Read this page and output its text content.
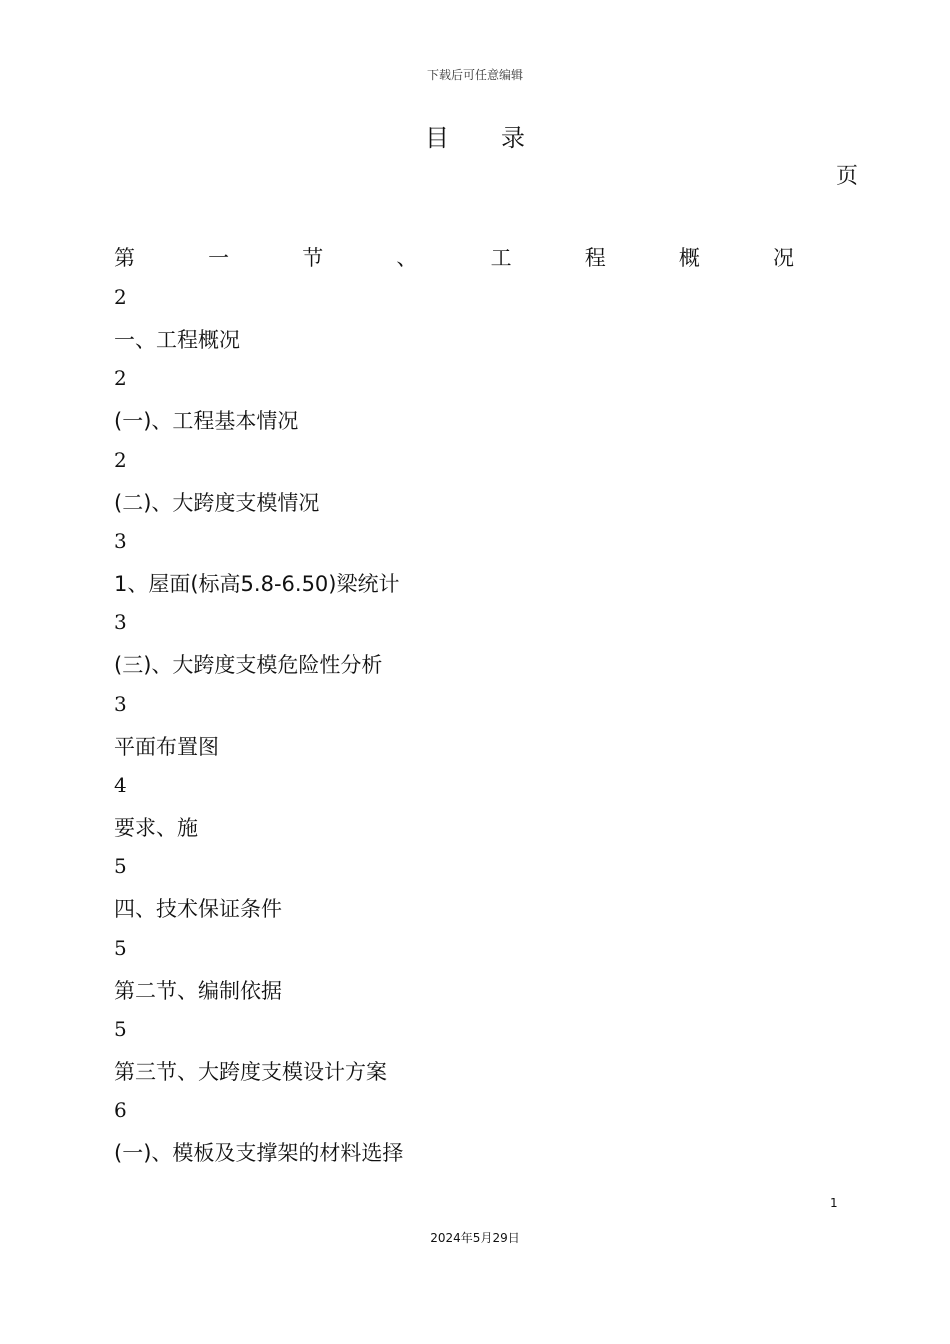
下载后可任意编辑
目录
页
第	一	节	、	工	程	概	况
2
一、工程概况
2
(一)、工程基本情况
2
(二)、大跨度支模情况
3
1、屋面(标高5.8-6.50)梁统计
3
(三)、大跨度支模危险性分析
3
平面布置图
4
要求、施
5
四、技术保证条件
5
第二节、编制依据
5
第三节、大跨度支模设计方案
6
(一)、模板及支撑架的材料选择
1
2024年5月29日
